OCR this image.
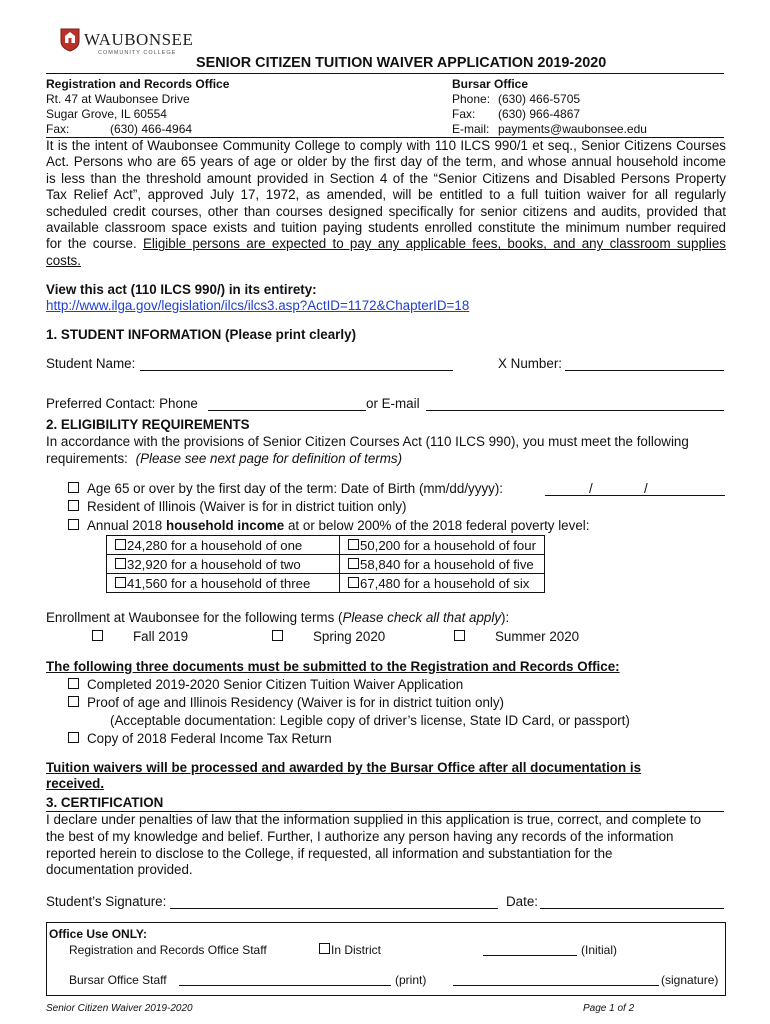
WAUBONSEE
COMMUNITY COLLEGE
SENIOR CITIZEN TUITION WAIVER APPLICATION 2019-2020
Registration and Records Office
Rt. 47 at Waubonsee Drive
Sugar Grove, IL 60554
Fax:	(630) 466-4964
Bursar Office
Phone: (630) 466-5705
Fax: (630) 966-4867
E-mail: payments@waubonsee.edu
It is the intent of Waubonsee Community College to comply with 110 ILCS 990/1 et seq., Senior Citizens Courses
Act. Persons who are 65 years of age or older by the first day of the term, and whose annual household income
is less than the threshold amount provided in Section 4 of the “Senior Citizens and Disabled Persons Property
Tax Relief Act”, approved July 17, 1972, as amended, will be entitled to a full tuition waiver for all regularly
scheduled credit courses, other than courses designed specifically for senior citizens and audits, provided that
available classroom space exists and tuition paying students enrolled constitute the minimum number required
for the course. Eligible persons are expected to pay any applicable fees, books, and any classroom supplies
costs.
View this act (110 ILCS 990/) in its entirety:
http://www.ilga.gov/legislation/ilcs/ilcs3.asp?ActID=1172&ChapterID=18
1. STUDENT INFORMATION (Please print clearly)
Student Name:	X Number:
Preferred Contact: Phone	or E-mail
2. ELIGIBILITY REQUIREMENTS
In accordance with the provisions of Senior Citizen Courses Act (110 ILCS 990), you must meet the following
requirements: (Please see next page for definition of terms)
Age 65 or over by the first day of the term: Date of Birth (mm/dd/yyyy):	/	/
Resident of Illinois (Waiver is for in district tuition only)
Annual 2018 household income at or below 200% of the 2018 federal poverty level:
24,280 for a household of one	50,200 for a household of four
32,920 for a household of two	58,840 for a household of five
41,560 for a household of three	67,480 for a household of six
Enrollment at Waubonsee for the following terms (Please check all that apply):
Fall 2019	Spring 2020	Summer 2020
The following three documents must be submitted to the Registration and Records Office:
Completed 2019-2020 Senior Citizen Tuition Waiver Application
Proof of age and Illinois Residency (Waiver is for in district tuition only)
(Acceptable documentation: Legible copy of driver’s license, State ID Card, or passport)
Copy of 2018 Federal Income Tax Return
Tuition waivers will be processed and awarded by the Bursar Office after all documentation is
received.
3. CERTIFICATION
I declare under penalties of law that the information supplied in this application is true, correct, and complete to
the best of my knowledge and belief. Further, I authorize any person having any records of the information
reported herein to disclose to the College, if requested, all information and substantiation for the
documentation provided.
Student’s Signature:	Date:
Office Use ONLY:
Registration and Records Office Staff	In District	(Initial)
Bursar Office Staff	(print)	(signature)
Senior Citizen Waiver 2019-2020	Page 1 of 2
